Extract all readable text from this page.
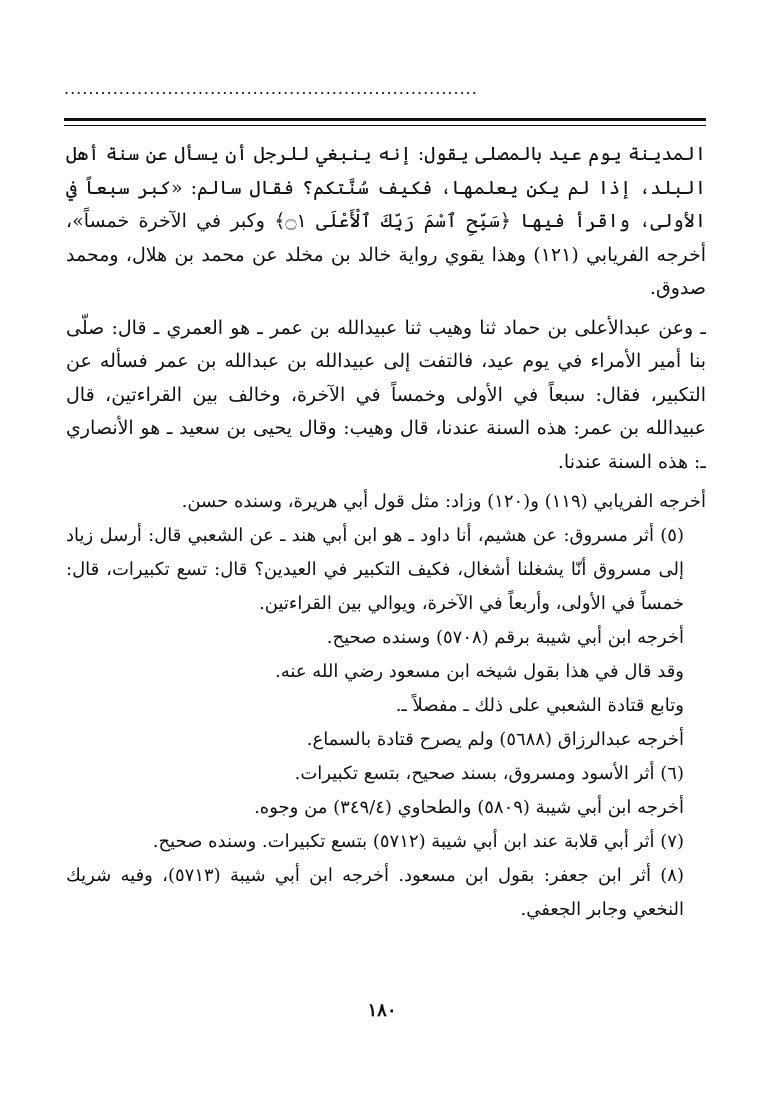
....................................................................

المدينة يوم عيد بالمصلى يقول: إنه ينبغي للرجل أن يسأل عن سنة أهل البلد، إذا لم يكن يعلمها، فكيف سُنَّتكم؟ فقال سالم: «كبر سبعاً في الأولى، واقرأ فيها ﴿سَبِّحِ ٱسْمَ رَبِّكَ ٱلْأَعْلَى ۝١﴾ وكبر في الآخرة خمساً»، أخرجه الفريابي (١٢١) وهذا يقوي رواية خالد بن مخلد عن محمد بن هلال، ومحمد صدوق.

ـ وعن عبدالأعلى بن حماد ثنا وهيب ثنا عبيدالله بن عمر ـ هو العمري ـ قال: صلّى بنا أمير الأمراء في يوم عيد، فالتفت إلى عبيدالله بن عبدالله بن عمر فسأله عن التكبير، فقال: سبعاً في الأولى وخمساً في الآخرة، وخالف بين القراءتين، قال عبيدالله بن عمر: هذه السنة عندنا، قال وهيب: وقال يحيى بن سعيد ـ هو الأنصاري ـ: هذه السنة عندنا.

أخرجه الفريابي (١١٩) و(١٢٠) وزاد: مثل قول أبي هريرة، وسنده حسن.

(٥) أثر مسروق: عن هشيم، أنا داود ـ هو ابن أبي هند ـ عن الشعبي قال: أرسل زياد إلى مسروق أنّا يشغلنا أشغال، فكيف التكبير في العيدين؟ قال: تسع تكبيرات، قال: خمساً في الأولى، وأربعاً في الآخرة، ويوالي بين القراءتين.

أخرجه ابن أبي شيبة برقم (٥٧٠٨) وسنده صحيح.

وقد قال في هذا بقول شيخه ابن مسعود رضي الله عنه.

وتابع قتادة الشعبي على ذلك ـ مفصلاً ـ.

أخرجه عبدالرزاق (٥٦٨٨) ولم يصرح قتادة بالسماع.

(٦) أثر الأسود ومسروق، بسند صحيح، بتسع تكبيرات.

أخرجه ابن أبي شيبة (٥٨٠٩) والطحاوي (٣٤٩/٤) من وجوه.

(٧) أثر أبي قلابة عند ابن أبي شيبة (٥٧١٢) بتسع تكبيرات. وسنده صحيح.

(٨) أثر ابن جعفر: بقول ابن مسعود. أخرجه ابن أبي شيبة (٥٧١٣)، وفيه شريك النخعي وجابر الجعفي.

١٨٠
